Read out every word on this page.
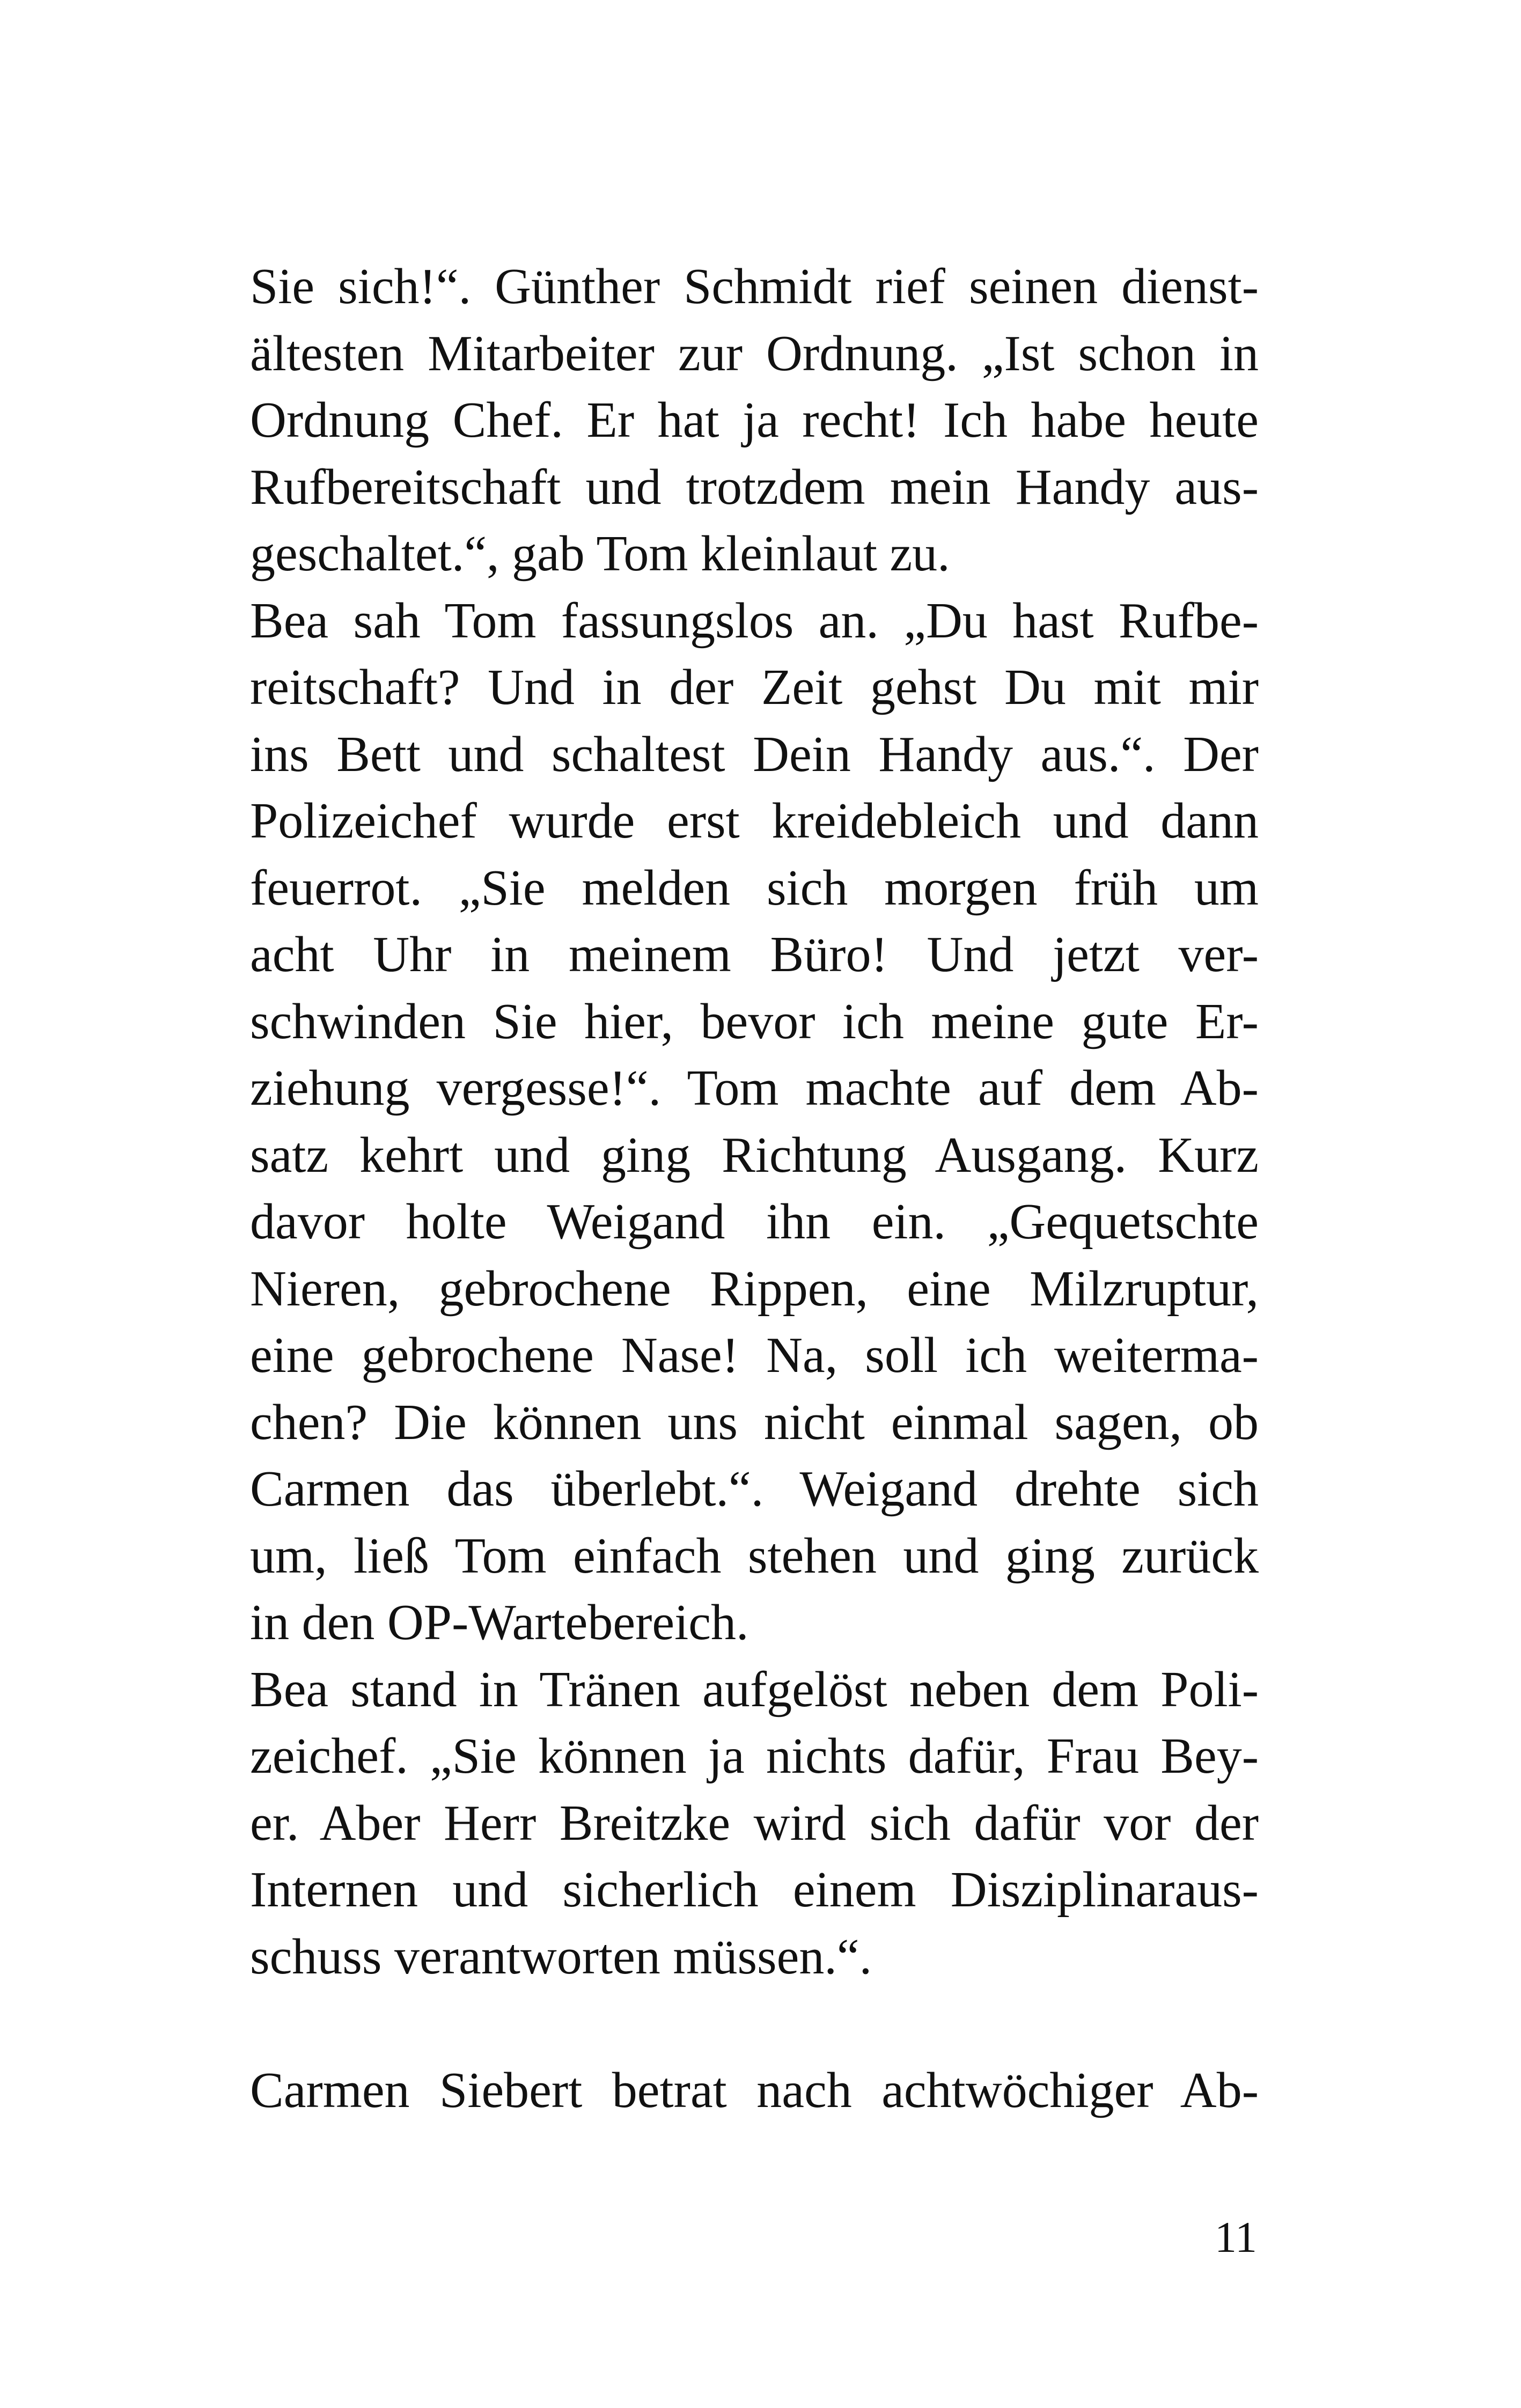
Sie sich!“. Günther Schmidt rief seinen dienst-
ältesten Mitarbeiter zur Ordnung. „Ist schon in
Ordnung Chef. Er hat ja recht! Ich habe heute
Rufbereitschaft und trotzdem mein Handy aus-
geschaltet.“, gab Tom kleinlaut zu.
Bea sah Tom fassungslos an. „Du hast Rufbe-
reitschaft? Und in der Zeit gehst Du mit mir
ins Bett und schaltest Dein Handy aus.“. Der
Polizeichef wurde erst kreidebleich und dann
feuerrot. „Sie melden sich morgen früh um
acht Uhr in meinem Büro! Und jetzt ver-
schwinden Sie hier, bevor ich meine gute Er-
ziehung vergesse!“. Tom machte auf dem Ab-
satz kehrt und ging Richtung Ausgang. Kurz
davor holte Weigand ihn ein. „Gequetschte
Nieren, gebrochene Rippen, eine Milzruptur,
eine gebrochene Nase! Na, soll ich weiterma-
chen? Die können uns nicht einmal sagen, ob
Carmen das überlebt.“. Weigand drehte sich
um, ließ Tom einfach stehen und ging zurück
in den OP-Wartebereich.
Bea stand in Tränen aufgelöst neben dem Poli-
zeichef. „Sie können ja nichts dafür, Frau Bey-
er. Aber Herr Breitzke wird sich dafür vor der
Internen und sicherlich einem Disziplinaraus-
schuss verantworten müssen.“.
Carmen Siebert betrat nach achtwöchiger Ab-
11
